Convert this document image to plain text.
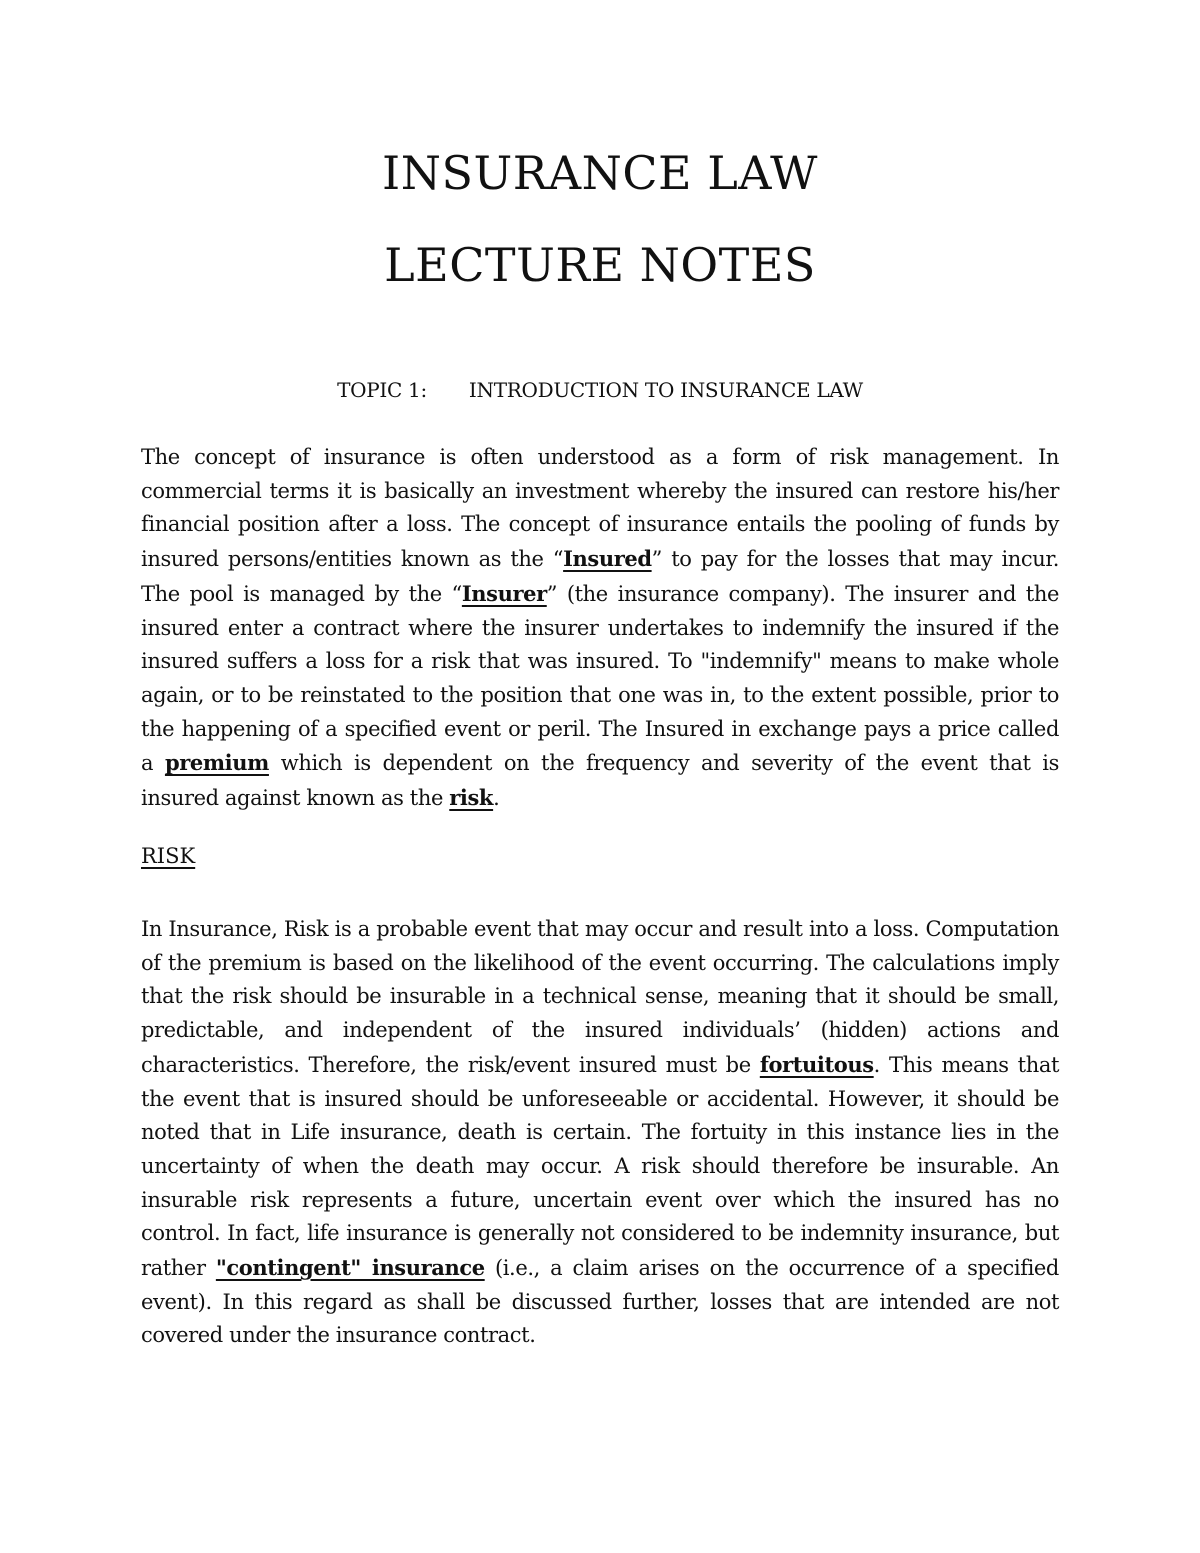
INSURANCE LAW
LECTURE NOTES

TOPIC 1: INTRODUCTION TO INSURANCE LAW

The concept of insurance is often understood as a form of risk management. In commercial terms it is basically an investment whereby the insured can restore his/her financial position after a loss. The concept of insurance entails the pooling of funds by insured persons/entities known as the “Insured” to pay for the losses that may incur. The pool is managed by the “Insurer” (the insurance company). The insurer and the insured enter a contract where the insurer undertakes to indemnify the insured if the insured suffers a loss for a risk that was insured. To "indemnify" means to make whole again, or to be reinstated to the position that one was in, to the extent possible, prior to the happening of a specified event or peril. The Insured in exchange pays a price called a premium which is dependent on the frequency and severity of the event that is insured against known as the risk.

RISK

In Insurance, Risk is a probable event that may occur and result into a loss. Computation of the premium is based on the likelihood of the event occurring. The calculations imply that the risk should be insurable in a technical sense, meaning that it should be small, predictable, and independent of the insured individuals’ (hidden) actions and characteristics. Therefore, the risk/event insured must be fortuitous. This means that the event that is insured should be unforeseeable or accidental. However, it should be noted that in Life insurance, death is certain. The fortuity in this instance lies in the uncertainty of when the death may occur. A risk should therefore be insurable. An insurable risk represents a future, uncertain event over which the insured has no control. In fact, life insurance is generally not considered to be indemnity insurance, but rather "contingent" insurance (i.e., a claim arises on the occurrence of a specified event). In this regard as shall be discussed further, losses that are intended are not covered under the insurance contract.
